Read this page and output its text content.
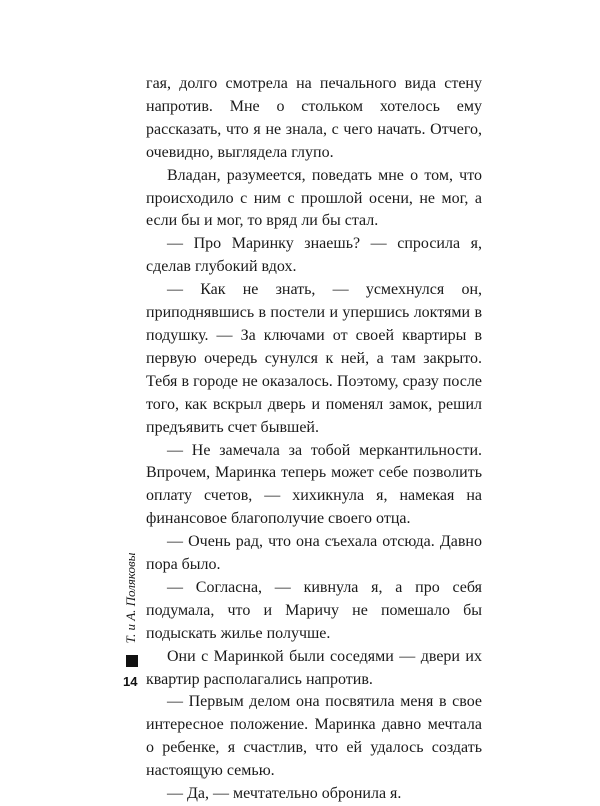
гая, долго смотрела на печального вида стену напротив. Мне о стольком хотелось ему рассказать, что я не знала, с чего начать. Отчего, очевидно, выглядела глупо.

Владан, разумеется, поведать мне о том, что происходило с ним с прошлой осени, не мог, а если бы и мог, то вряд ли бы стал.

— Про Маринку знаешь? — спросила я, сделав глубокий вдох.

— Как не знать, — усмехнулся он, приподнявшись в постели и упершись локтями в подушку. — За ключами от своей квартиры в первую очередь сунулся к ней, а там закрыто. Тебя в городе не оказалось. Поэтому, сразу после того, как вскрыл дверь и поменял замок, решил предъявить счет бывшей.

— Не замечала за тобой меркантильности. Впрочем, Маринка теперь может себе позволить оплату счетов, — хихикнула я, намекая на финансовое благополучие своего отца.

— Очень рад, что она съехала отсюда. Давно пора было.

— Согласна, — кивнула я, а про себя подумала, что и Маричу не помешало бы подыскать жилье получше.

Они с Маринкой были соседями — двери их квартир располагались напротив.

— Первым делом она посвятила меня в свое интересное положение. Маринка давно мечтала о ребенке, я счастлив, что ей удалось создать настоящую семью.

— Да, — мечтательно обронила я.

Т. и А. Поляковы
14
